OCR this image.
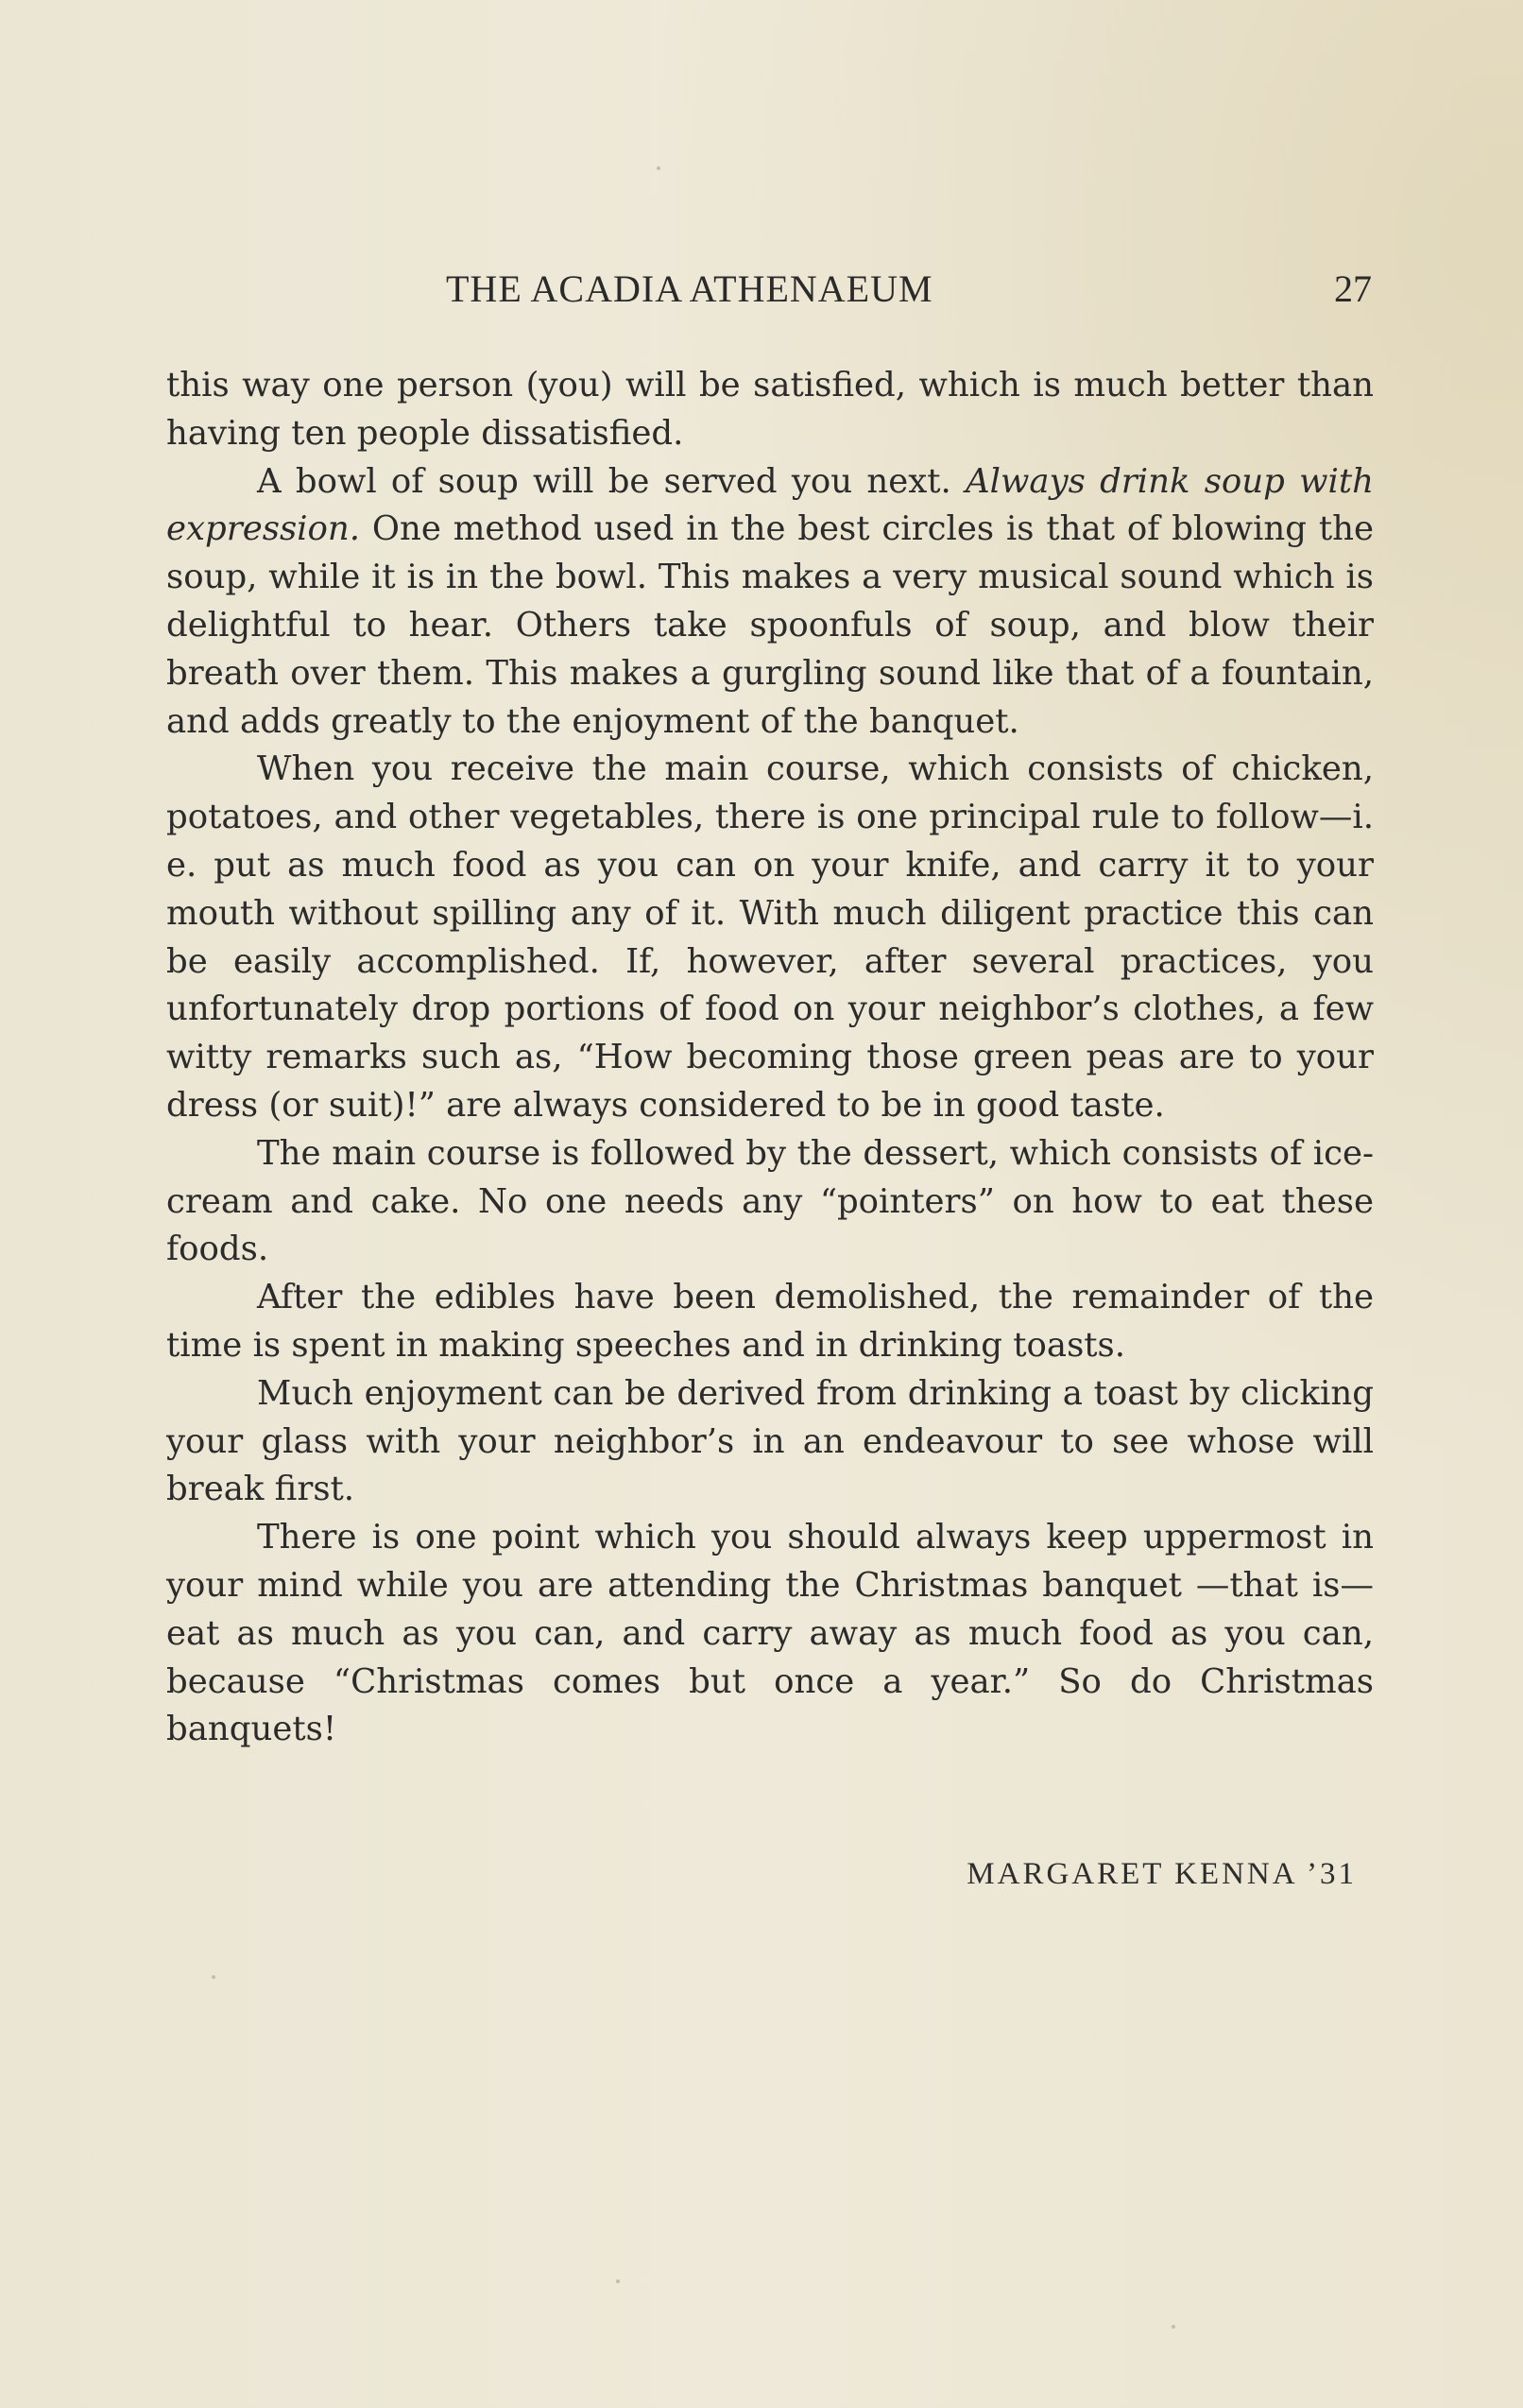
THE ACADIA ATHENAEUM	27

this way one person (you) will be satisfied, which is much better than having ten people dissatisfied.

A bowl of soup will be served you next. Always drink soup with expression. One method used in the best circles is that of blowing the soup, while it is in the bowl. This makes a very musical sound which is delightful to hear. Others take spoonfuls of soup, and blow their breath over them. This makes a gurgling sound like that of a fountain, and adds greatly to the enjoyment of the banquet.

When you receive the main course, which consists of chicken, potatoes, and other vegetables, there is one principal rule to follow—i. e. put as much food as you can on your knife, and carry it to your mouth without spilling any of it. With much diligent practice this can be easily accomplished. If, however, after several practices, you unfortunately drop portions of food on your neighbor’s clothes, a few witty remarks such as, “How becoming those green peas are to your dress (or suit)!” are always considered to be in good taste.

The main course is followed by the dessert, which consists of ice-cream and cake. No one needs any “pointers” on how to eat these foods.

After the edibles have been demolished, the remainder of the time is spent in making speeches and in drinking toasts.

Much enjoyment can be derived from drinking a toast by clicking your glass with your neighbor’s in an endeavour to see whose will break first.

There is one point which you should always keep uppermost in your mind while you are attending the Christmas banquet —that is—eat as much as you can, and carry away as much food as you can, because “Christmas comes but once a year.” So do Christmas banquets!

MARGARET KENNA ’31
